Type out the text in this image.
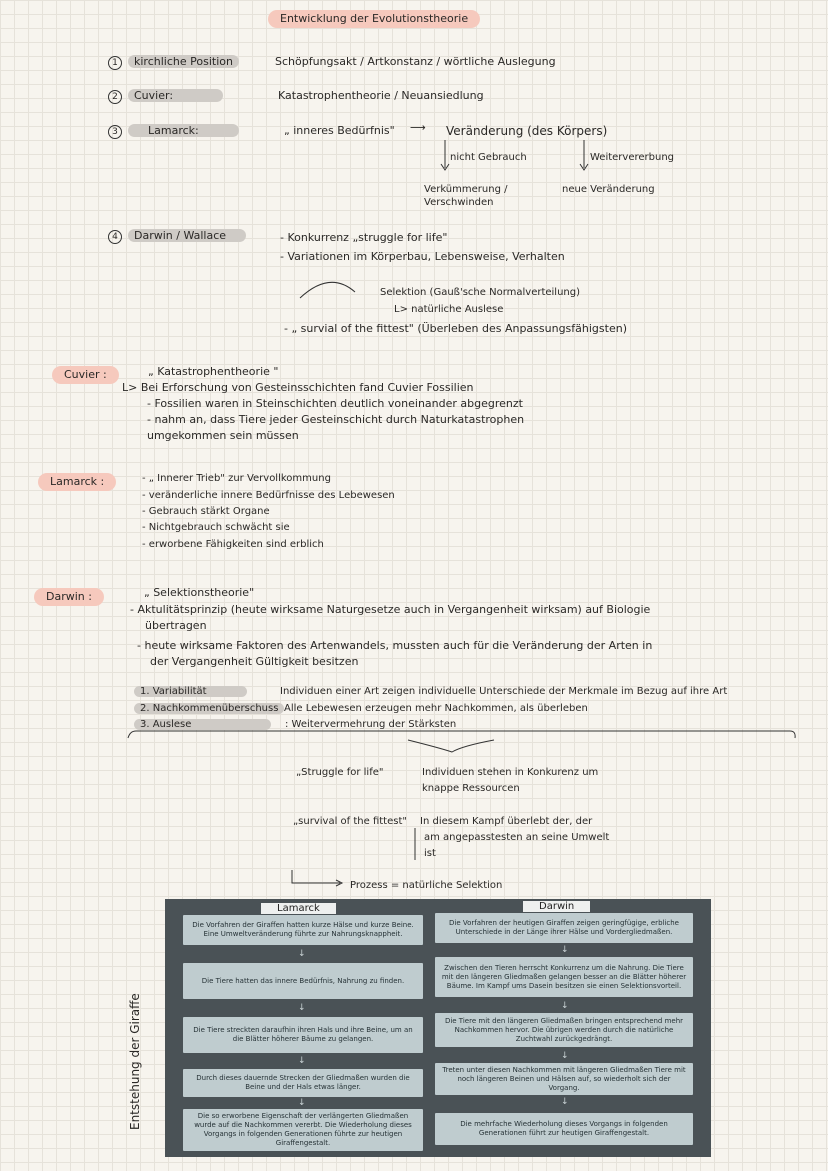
Entwicklung der Evolutionstheorie
1 kirchliche Position	Schöpfungsakt / Artkonstanz / wörtliche Auslegung
2 Cuvier:	Katastrophentheorie / Neuansiedlung
3	Lamarck:	„ inneres Bedürfnis" ⟶ Veränderung (des Körpers)
nicht Gebrauch	Weitervererbung
Verkümmerung / Verschwinden
neue Veränderung
4 Darwin / Wallace	- Konkurrenz „struggle for life"
- Variationen im Körperbau, Lebensweise, Verhalten
Selektion (Gauß'sche Normalverteilung)
L> natürliche Auslese
- „ survial of the fittest" (Überleben des Anpassungsfähigsten)
Cuvier :	„ Katastrophentheorie "
L> Bei Erforschung von Gesteinsschichten fand Cuvier Fossilien
- Fossilien waren in Steinschichten deutlich voneinander abgegrenzt
- nahm an, dass Tiere jeder Gesteinschicht durch Naturkatastrophen
umgekommen sein müssen
Lamarck :	- „ Innerer Trieb" zur Vervollkommung
- veränderliche innere Bedürfnisse des Lebewesen
- Gebrauch stärkt Organe
- Nichtgebrauch schwächt sie
- erworbene Fähigkeiten sind erblich
Darwin :	„ Selektionstheorie"
- Aktulitätsprinzip (heute wirksame Naturgesetze auch in Vergangenheit wirksam) auf Biologie
übertragen
- heute wirksame Faktoren des Artenwandels, mussten auch für die Veränderung der Arten in
der Vergangenheit Gültigkeit besitzen
1. Variabilität	Individuen einer Art zeigen individuelle Unterschiede der Merkmale im Bezug auf ihre Art
2. Nachkommenüberschuss Alle Lebewesen erzeugen mehr Nachkommen, als überleben
3. Auslese	: Weitervermehrung der Stärksten
„Struggle for life"	Individuen stehen in Konkurenz um
knappe Ressourcen
„survival of the fittest" In diesem Kampf überlebt der, der
am angepasstesten an seine Umwelt
ist
Prozess = natürliche Selektion
Entstehung der Giraffe
Lamarck	Darwin
Die Vorfahren der Giraffen hatten kurze Hälse und kurze Beine. Eine Umweltveränderung führte zur Nahrungsknappheit.
↓
Die Tiere hatten das innere Bedürfnis, Nahrung zu finden.
↓
Die Tiere streckten daraufhin ihren Hals und ihre Beine, um an die Blätter höherer Bäume zu gelangen.
↓
Durch dieses dauernde Strecken der Gliedmaßen wurden die Beine und der Hals etwas länger.
↓
Die so erworbene Eigenschaft der verlängerten Gliedmaßen wurde auf die Nachkommen vererbt. Die Wiederholung dieses Vorgangs in folgenden Generationen führte zur heutigen Giraffengestalt.
Die Vorfahren der heutigen Giraffen zeigen geringfügige, erbliche Unterschiede in der Länge ihrer Hälse und Vordergliedmaßen.
↓
Zwischen den Tieren herrscht Konkurrenz um die Nahrung. Die Tiere mit den längeren Gliedmaßen gelangen besser an die Blätter höherer Bäume. Im Kampf ums Dasein besitzen sie einen Selektionsvorteil.
↓
Die Tiere mit den längeren Gliedmaßen bringen entsprechend mehr Nachkommen hervor. Die übrigen werden durch die natürliche Zuchtwahl zurückgedrängt.
↓
Treten unter diesen Nachkommen mit längeren Gliedmaßen Tiere mit noch längeren Beinen und Hälsen auf, so wiederholt sich der Vorgang.
↓
Die mehrfache Wiederholung dieses Vorgangs in folgenden Generationen führt zur heutigen Giraffengestalt.
